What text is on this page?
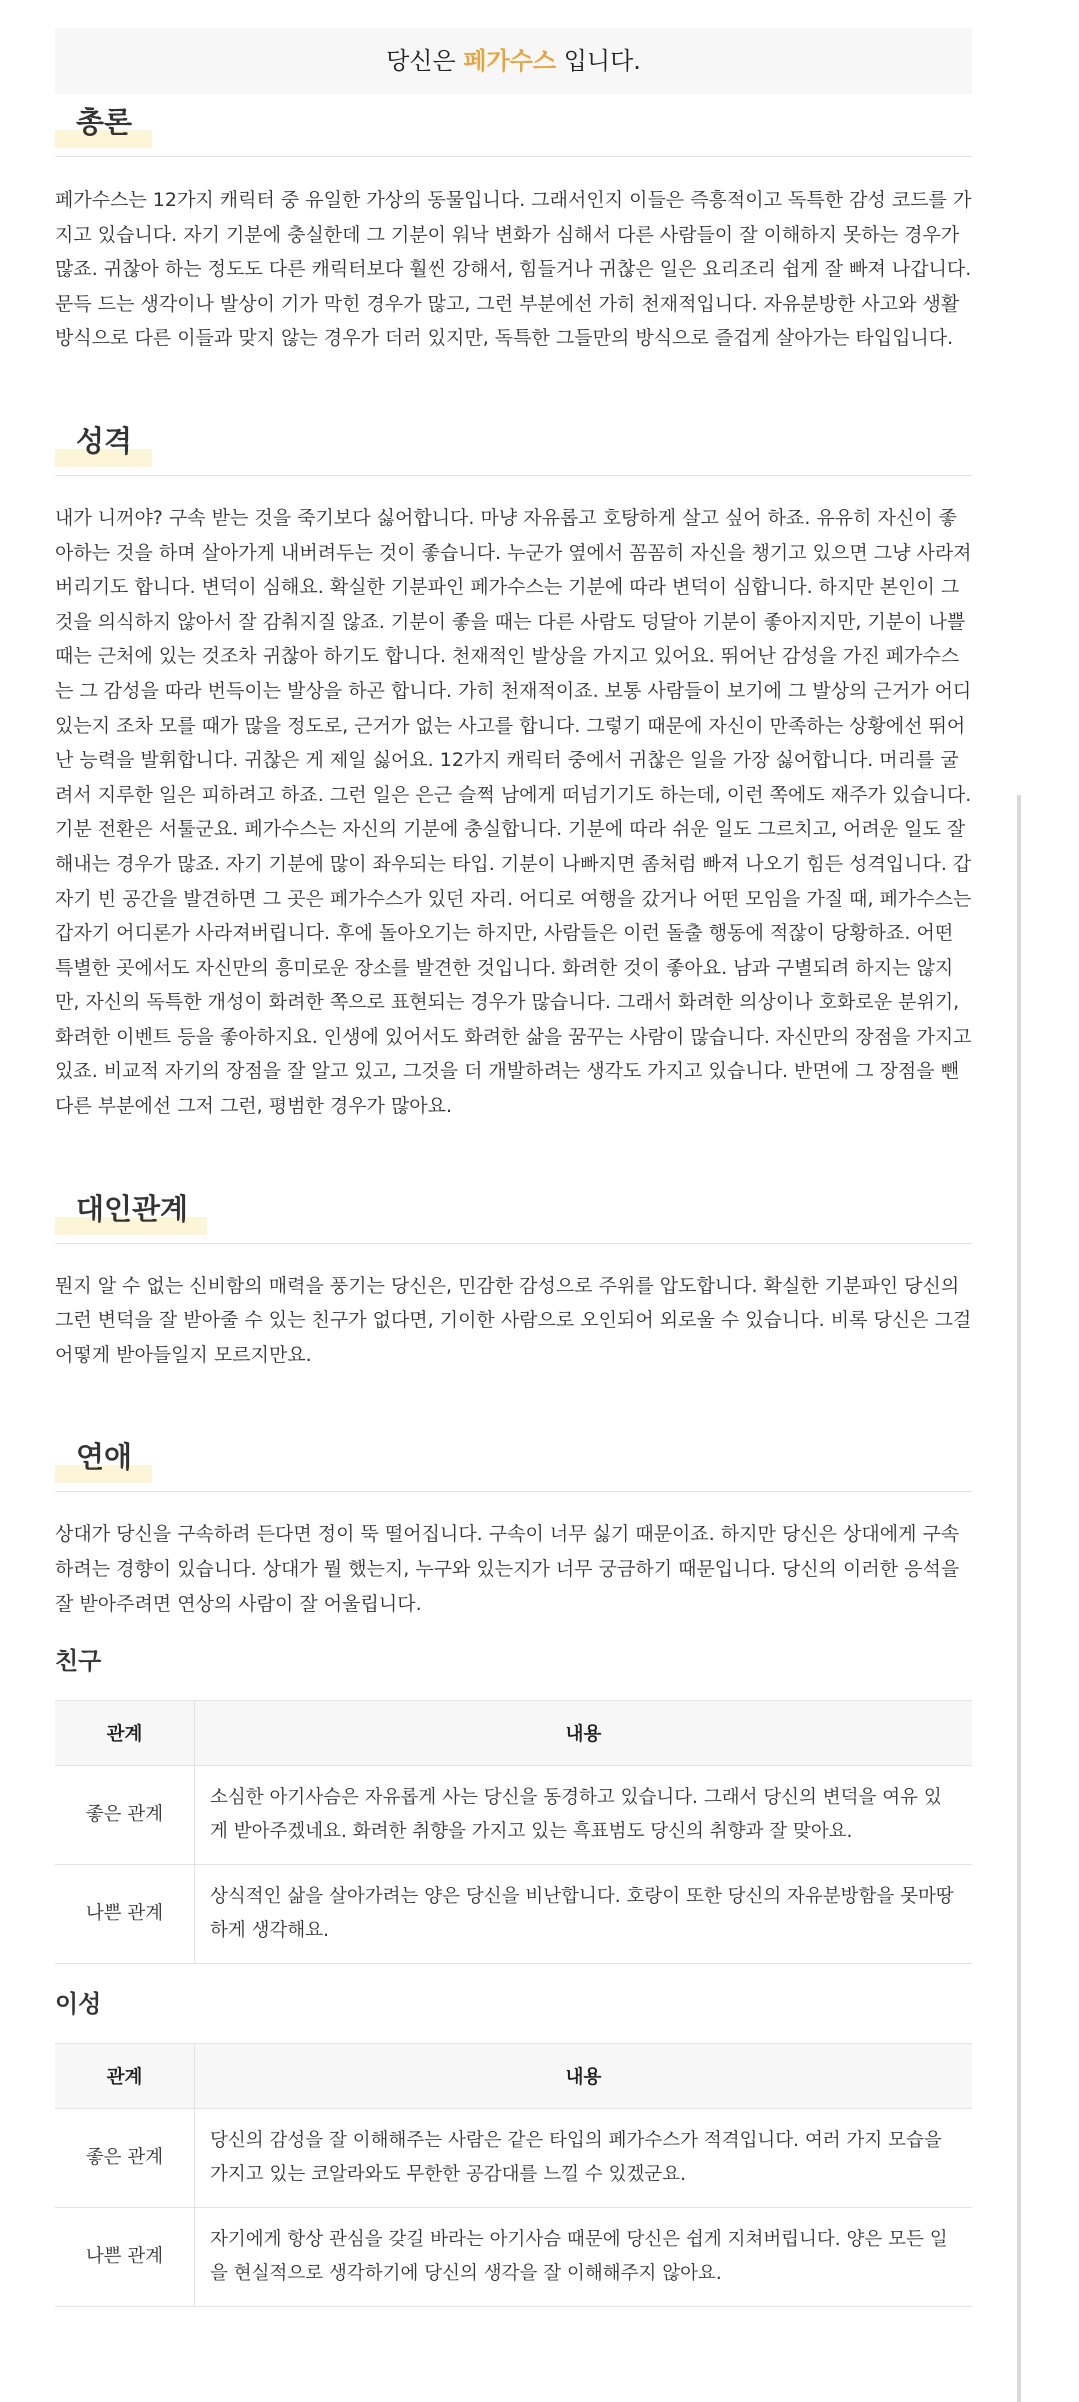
당신은 페가수스 입니다.
총론

페가수스는 12가지 캐릭터 중 유일한 가상의 동물입니다. 그래서인지 이들은 즉흥적이고 독특한 감성 코드를 가지고 있습니다. 자기 기분에 충실한데 그 기분이 워낙 변화가 심해서 다른 사람들이 잘 이해하지 못하는 경우가 많죠. 귀찮아 하는 정도도 다른 캐릭터보다 훨씬 강해서, 힘들거나 귀찮은 일은 요리조리 쉽게 잘 빠져 나갑니다. 문득 드는 생각이나 발상이 기가 막힌 경우가 많고, 그런 부분에선 가히 천재적입니다. 자유분방한 사고와 생활방식으로 다른 이들과 맞지 않는 경우가 더러 있지만, 독특한 그들만의 방식으로 즐겁게 살아가는 타입입니다.

성격

내가 니꺼야? 구속 받는 것을 죽기보다 싫어합니다. 마냥 자유롭고 호탕하게 살고 싶어 하죠. 유유히 자신이 좋아하는 것을 하며 살아가게 내버려두는 것이 좋습니다. 누군가 옆에서 꼼꼼히 자신을 챙기고 있으면 그냥 사라져버리기도 합니다. 변덕이 심해요. 확실한 기분파인 페가수스는 기분에 따라 변덕이 심합니다. 하지만 본인이 그것을 의식하지 않아서 잘 감춰지질 않죠. 기분이 좋을 때는 다른 사람도 덩달아 기분이 좋아지지만, 기분이 나쁠 때는 근처에 있는 것조차 귀찮아 하기도 합니다. 천재적인 발상을 가지고 있어요. 뛰어난 감성을 가진 페가수스는 그 감성을 따라 번득이는 발상을 하곤 합니다. 가히 천재적이죠. 보통 사람들이 보기에 그 발상의 근거가 어디 있는지 조차 모를 때가 많을 정도로, 근거가 없는 사고를 합니다. 그렇기 때문에 자신이 만족하는 상황에선 뛰어난 능력을 발휘합니다. 귀찮은 게 제일 싫어요. 12가지 캐릭터 중에서 귀찮은 일을 가장 싫어합니다. 머리를 굴려서 지루한 일은 피하려고 하죠. 그런 일은 은근 슬쩍 남에게 떠넘기기도 하는데, 이런 쪽에도 재주가 있습니다. 기분 전환은 서툴군요. 페가수스는 자신의 기분에 충실합니다. 기분에 따라 쉬운 일도 그르치고, 어려운 일도 잘 해내는 경우가 많죠. 자기 기분에 많이 좌우되는 타입. 기분이 나빠지면 좀처럼 빠져 나오기 힘든 성격입니다. 갑자기 빈 공간을 발견하면 그 곳은 페가수스가 있던 자리. 어디로 여행을 갔거나 어떤 모임을 가질 때, 페가수스는 갑자기 어디론가 사라져버립니다. 후에 돌아오기는 하지만, 사람들은 이런 돌출 행동에 적잖이 당황하죠. 어떤 특별한 곳에서도 자신만의 흥미로운 장소를 발견한 것입니다. 화려한 것이 좋아요. 남과 구별되려 하지는 않지만, 자신의 독특한 개성이 화려한 쪽으로 표현되는 경우가 많습니다. 그래서 화려한 의상이나 호화로운 분위기, 화려한 이벤트 등을 좋아하지요. 인생에 있어서도 화려한 삶을 꿈꾸는 사람이 많습니다. 자신만의 장점을 가지고 있죠. 비교적 자기의 장점을 잘 알고 있고, 그것을 더 개발하려는 생각도 가지고 있습니다. 반면에 그 장점을 뺀 다른 부분에선 그저 그런, 평범한 경우가 많아요.

대인관계

뭔지 알 수 없는 신비함의 매력을 풍기는 당신은, 민감한 감성으로 주위를 압도합니다. 확실한 기분파인 당신의 그런 변덕을 잘 받아줄 수 있는 친구가 없다면, 기이한 사람으로 오인되어 외로울 수 있습니다. 비록 당신은 그걸 어떻게 받아들일지 모르지만요.

연애

상대가 당신을 구속하려 든다면 정이 뚝 떨어집니다. 구속이 너무 싫기 때문이죠. 하지만 당신은 상대에게 구속하려는 경향이 있습니다. 상대가 뭘 했는지, 누구와 있는지가 너무 궁금하기 때문입니다. 당신의 이러한 응석을 잘 받아주려면 연상의 사람이 잘 어울립니다.

친구
관계	내용
좋은 관계	소심한 아기사슴은 자유롭게 사는 당신을 동경하고 있습니다. 그래서 당신의 변덕을 여유 있게 받아주겠네요. 화려한 취향을 가지고 있는 흑표범도 당신의 취향과 잘 맞아요.
나쁜 관계	상식적인 삶을 살아가려는 양은 당신을 비난합니다. 호랑이 또한 당신의 자유분방함을 못마땅하게 생각해요.
이성
관계	내용
좋은 관계	당신의 감성을 잘 이해해주는 사람은 같은 타입의 페가수스가 적격입니다. 여러 가지 모습을 가지고 있는 코알라와도 무한한 공감대를 느낄 수 있겠군요.
나쁜 관계	자기에게 항상 관심을 갖길 바라는 아기사슴 때문에 당신은 쉽게 지쳐버립니다. 양은 모든 일을 현실적으로 생각하기에 당신의 생각을 잘 이해해주지 않아요.
